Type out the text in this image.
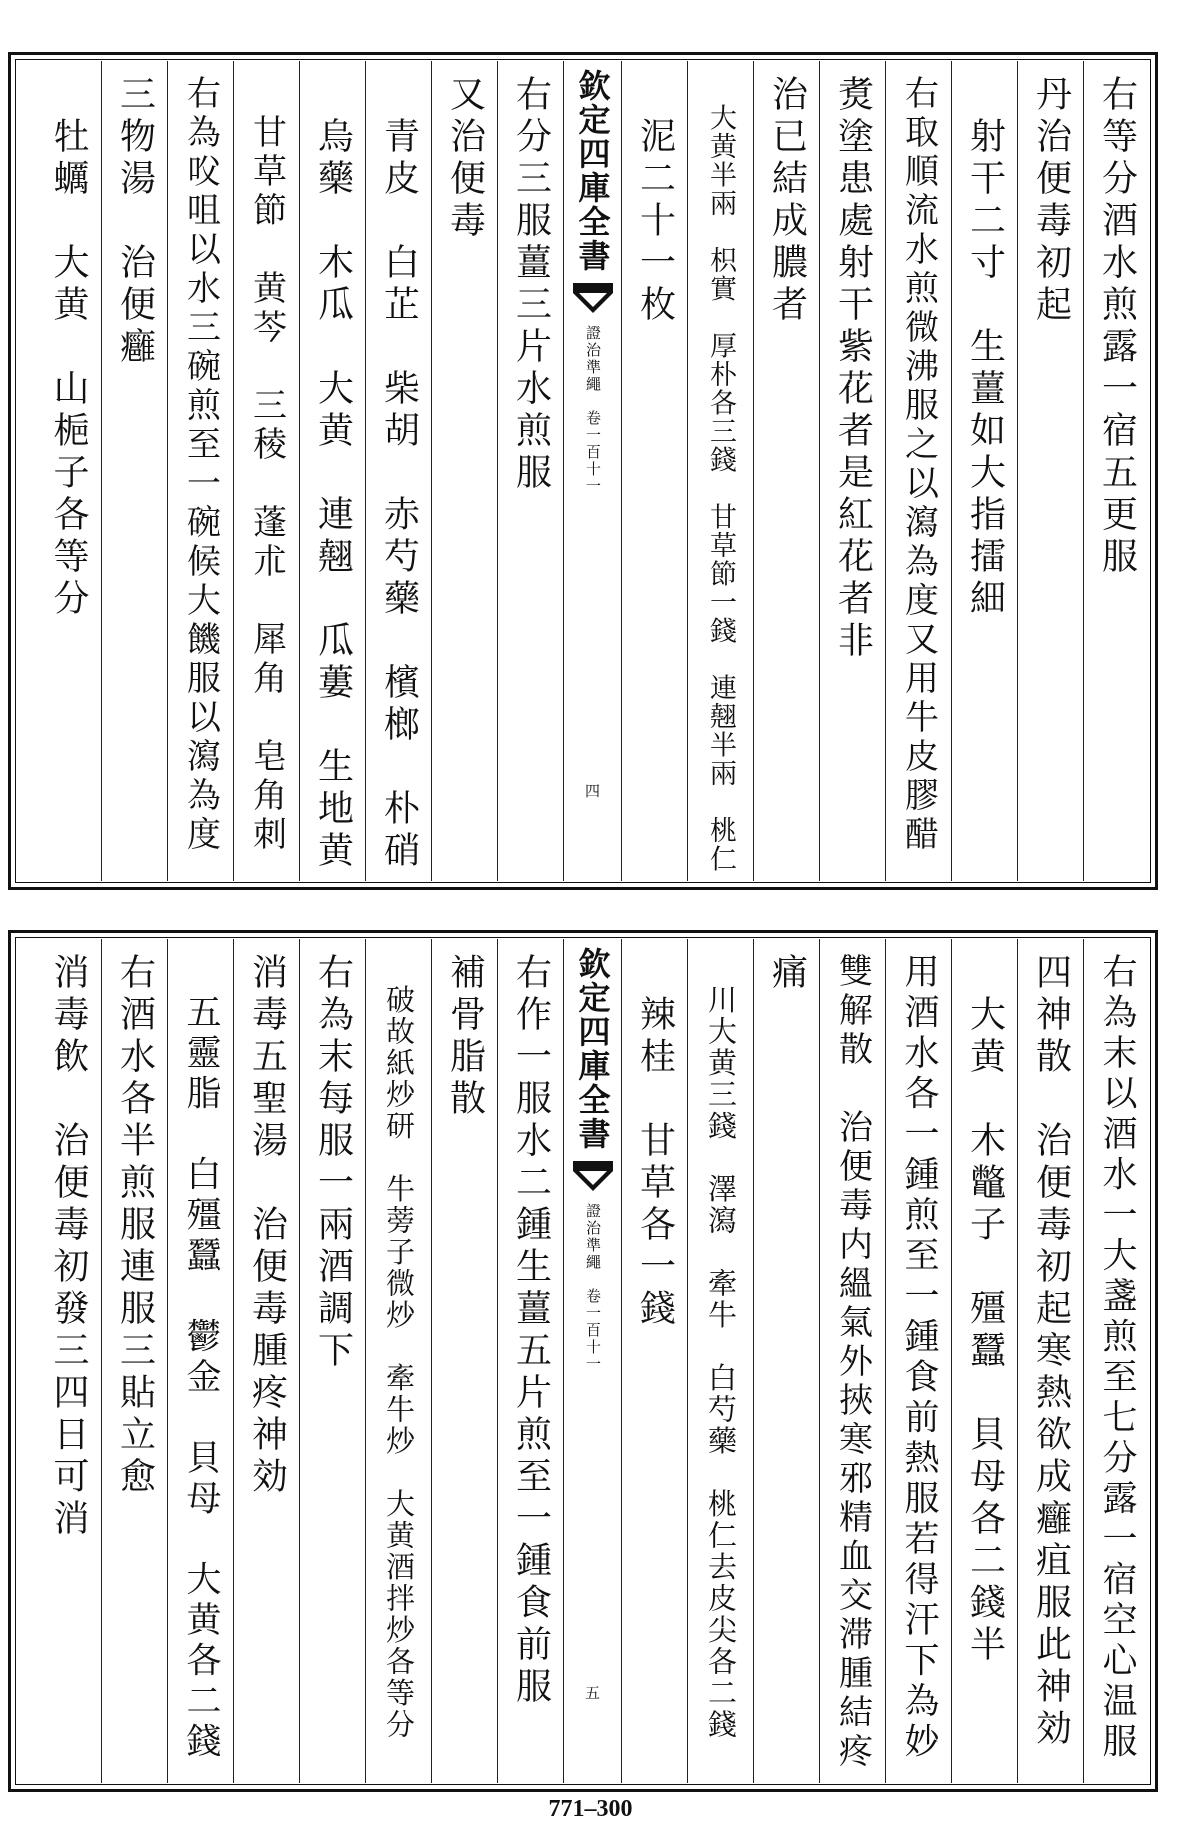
右等分酒水煎露一宿五更服
丹治便毒初起
　射干二寸　生薑如大指擂細
右取順流水煎微沸服之以瀉為度又用牛皮膠醋
煑塗患處射干紫花者是紅花者非
治已結成膿者
　大黄半兩　枳實　厚朴各三錢　甘草節一錢　連翹半兩　桃仁
　泥二十一枚
欽定四庫全書
證治準繩　卷一百十一
四
右分三服薑三片水煎服
又治便毒
　青皮　白芷　柴胡　赤芍藥　檳榔　朴硝
　烏藥　木瓜　大黄　連翹　瓜蔞　生地黄
　甘草節　黄芩　三稜　蓬朮　犀角　皂角刺
右為㕮咀以水三碗煎至一碗候大饑服以瀉為度
三物湯　治便癰
　牡蠣　大黄　山梔子各等分
右為末以酒水一大盞煎至七分露一宿空心温服
四神散　治便毒初起寒熱欲成癰疽服此神効
　大黄　木鼈子　殭蠶　貝母各二錢半
用酒水各一鍾煎至一鍾食前熱服若得汗下為妙
雙解散　治便毒内縕氣外挾寒邪精血交滞腫結疼
痛
　川大黄三錢　澤瀉　牽牛　白芍藥　桃仁去皮尖各二錢
　辣桂　甘草各一錢
欽定四庫全書
證治準繩　卷一百十一
五
右作一服水二鍾生薑五片煎至一鍾食前服
補骨脂散
　破故紙炒研　牛蒡子微炒　牽牛炒　大黄酒拌炒各等分
右為末每服一兩酒調下
消毒五聖湯　治便毒腫疼神効
　五靈脂　白殭蠶　鬱金　貝母　大黄各二錢
右酒水各半煎服連服三貼立愈
消毒飲　治便毒初發三四日可消
771–300
